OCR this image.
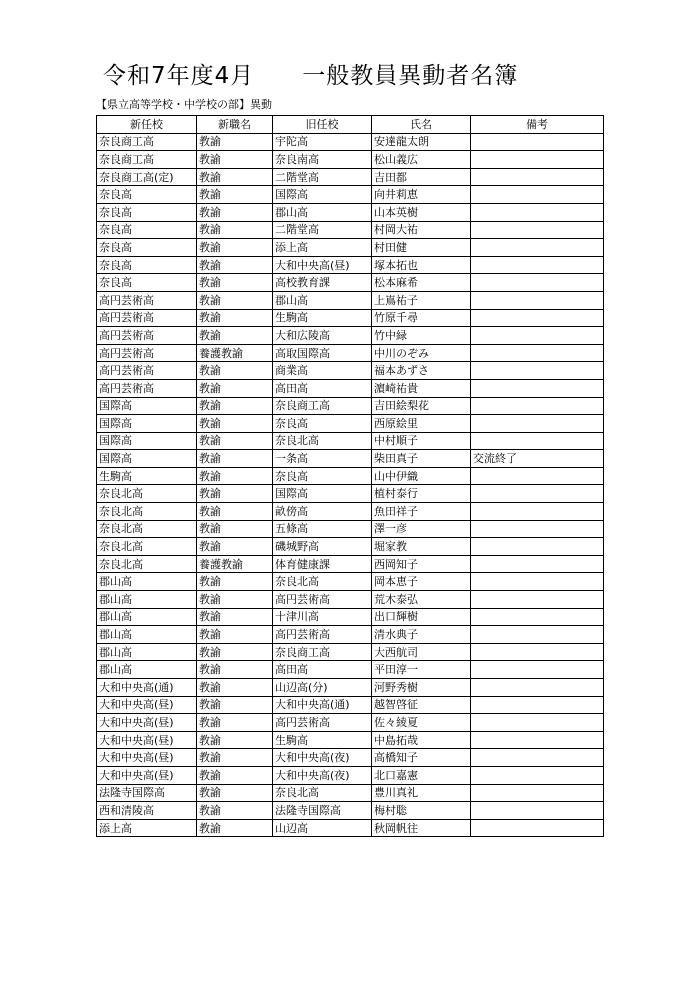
令和7年度4月　　一般教員異動者名簿
【県立高等学校・中学校の部】異動
新任校	新職名	旧任校	氏名	備考
奈良商工高	教諭	宇陀高	安達龍太朗	
奈良商工高	教諭	奈良南高	松山義広	
奈良商工高(定)	教諭	二階堂高	吉田都	
奈良高	教諭	国際高	向井莉恵	
奈良高	教諭	郡山高	山本英樹	
奈良高	教諭	二階堂高	村岡大祐	
奈良高	教諭	添上高	村田健	
奈良高	教諭	大和中央高(昼)	塚本拓也	
奈良高	教諭	高校教育課	松本麻希	
高円芸術高	教諭	郡山高	上嶌祐子	
高円芸術高	教諭	生駒高	竹原千尋	
高円芸術高	教諭	大和広陵高	竹中緑	
高円芸術高	養護教諭	高取国際高	中川のぞみ	
高円芸術高	教諭	商業高	福本あずさ	
高円芸術高	教諭	高田高	濵崎祐貴	
国際高	教諭	奈良商工高	吉田絵梨花	
国際高	教諭	奈良高	西原絵里	
国際高	教諭	奈良北高	中村順子	
国際高	教諭	一条高	柴田真子	交流終了
生駒高	教諭	奈良高	山中伊織	
奈良北高	教諭	国際高	植村泰行	
奈良北高	教諭	畝傍高	魚田祥子	
奈良北高	教諭	五條高	澤一彦	
奈良北高	教諭	磯城野高	堀家教	
奈良北高	養護教諭	体育健康課	西岡知子	
郡山高	教諭	奈良北高	岡本恵子	
郡山高	教諭	高円芸術高	荒木泰弘	
郡山高	教諭	十津川高	出口輝樹	
郡山高	教諭	高円芸術高	清水典子	
郡山高	教諭	奈良商工高	大西航司	
郡山高	教諭	高田高	平田淳一	
大和中央高(通)	教諭	山辺高(分)	河野秀樹	
大和中央高(昼)	教諭	大和中央高(通)	越智啓征	
大和中央高(昼)	教諭	高円芸術高	佐々綾夏	
大和中央高(昼)	教諭	生駒高	中島拓哉	
大和中央高(昼)	教諭	大和中央高(夜)	高橋知子	
大和中央高(昼)	教諭	大和中央高(夜)	北口嘉憲	
法隆寺国際高	教諭	奈良北高	豊川真礼	
西和清陵高	教諭	法隆寺国際高	梅村聡	
添上高	教諭	山辺高	秋岡帆往	
